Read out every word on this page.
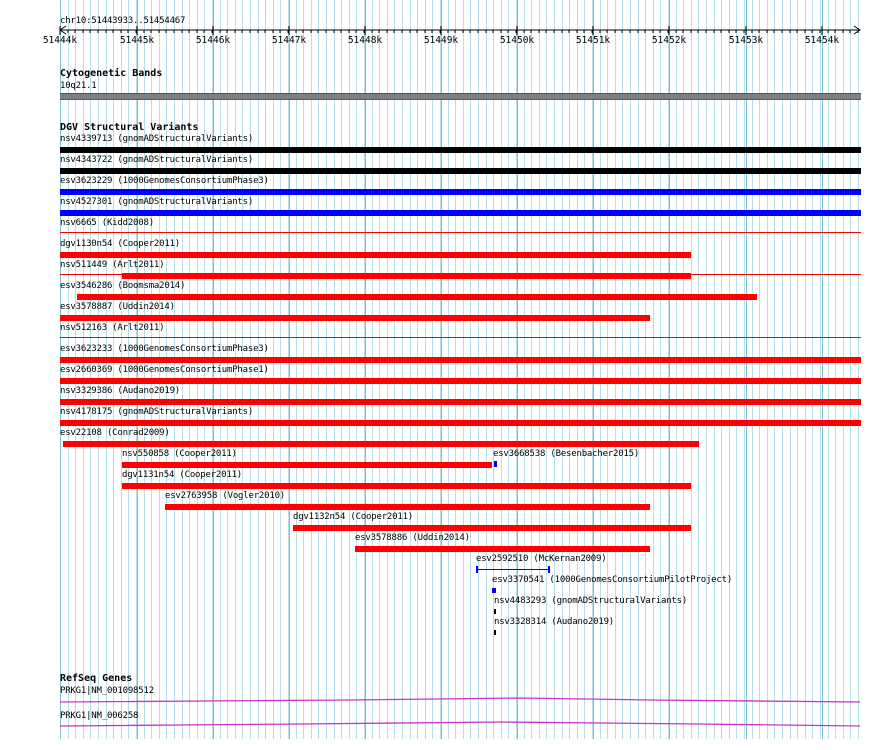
chr10:51443933..51454467
51444k	51445k	51446k	51447k	51448k	51449k	51450k	51451k	51452k	51453k	51454k
Cytogenetic Bands
10q21.1
DGV Structural Variants
nsv4339713 (gnomADStructuralVariants)
nsv4343722 (gnomADStructuralVariants)
esv3623229 (1000GenomesConsortiumPhase3)
nsv4527301 (gnomADStructuralVariants)
nsv6665 (Kidd2008)
dgv1130n54 (Cooper2011)
nsv511449 (Arlt2011)
esv3546286 (Boomsma2014)
esv3578887 (Uddin2014)
nsv512163 (Arlt2011)
esv3623233 (1000GenomesConsortiumPhase3)
esv2660369 (1000GenomesConsortiumPhase1)
nsv3329386 (Audano2019)
nsv4178175 (gnomADStructuralVariants)
esv22108 (Conrad2009)
nsv550858 (Cooper2011)	esv3668538 (Besenbacher2015)
dgv1131n54 (Cooper2011)
esv2763958 (Vogler2010)
dgv1132n54 (Cooper2011)
esv3578886 (Uddin2014)
esv2592510 (McKernan2009)
esv3370541 (1000GenomesConsortiumPilotProject)
nsv4483293 (gnomADStructuralVariants)
nsv3328314 (Audano2019)
RefSeq Genes
PRKG1|NM_001098512
PRKG1|NM_006258
